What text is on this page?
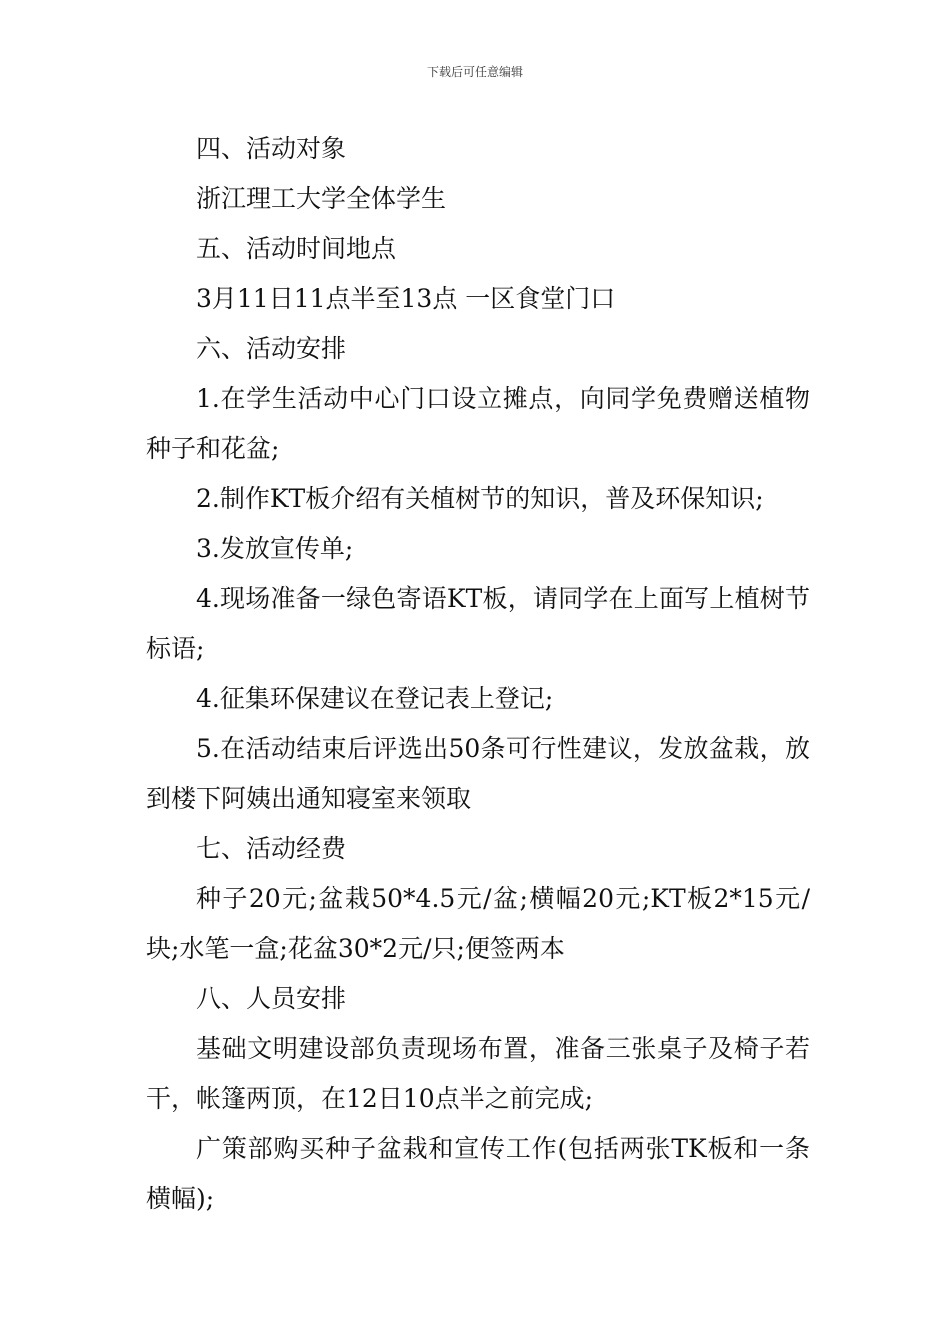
下载后可任意编辑

四、活动对象

浙江理工大学全体学生

五、活动时间地点

3月11日11点半至13点 一区食堂门口

六、活动安排

1.在学生活动中心门口设立摊点，向同学免费赠送植物种子和花盆;

2.制作KT板介绍有关植树节的知识，普及环保知识;

3.发放宣传单;

4.现场准备一绿色寄语KT板，请同学在上面写上植树节标语;

4.征集环保建议在登记表上登记;

5.在活动结束后评选出50条可行性建议，发放盆栽，放到楼下阿姨出通知寝室来领取

七、活动经费

种子20元;盆栽50*4.5元/盆;横幅20元;KT板2*15元/块;水笔一盒;花盆30*2元/只;便签两本

八、人员安排

基础文明建设部负责现场布置，准备三张桌子及椅子若干，帐篷两顶，在12日10点半之前完成;

广策部购买种子盆栽和宣传工作(包括两张TK板和一条横幅);
